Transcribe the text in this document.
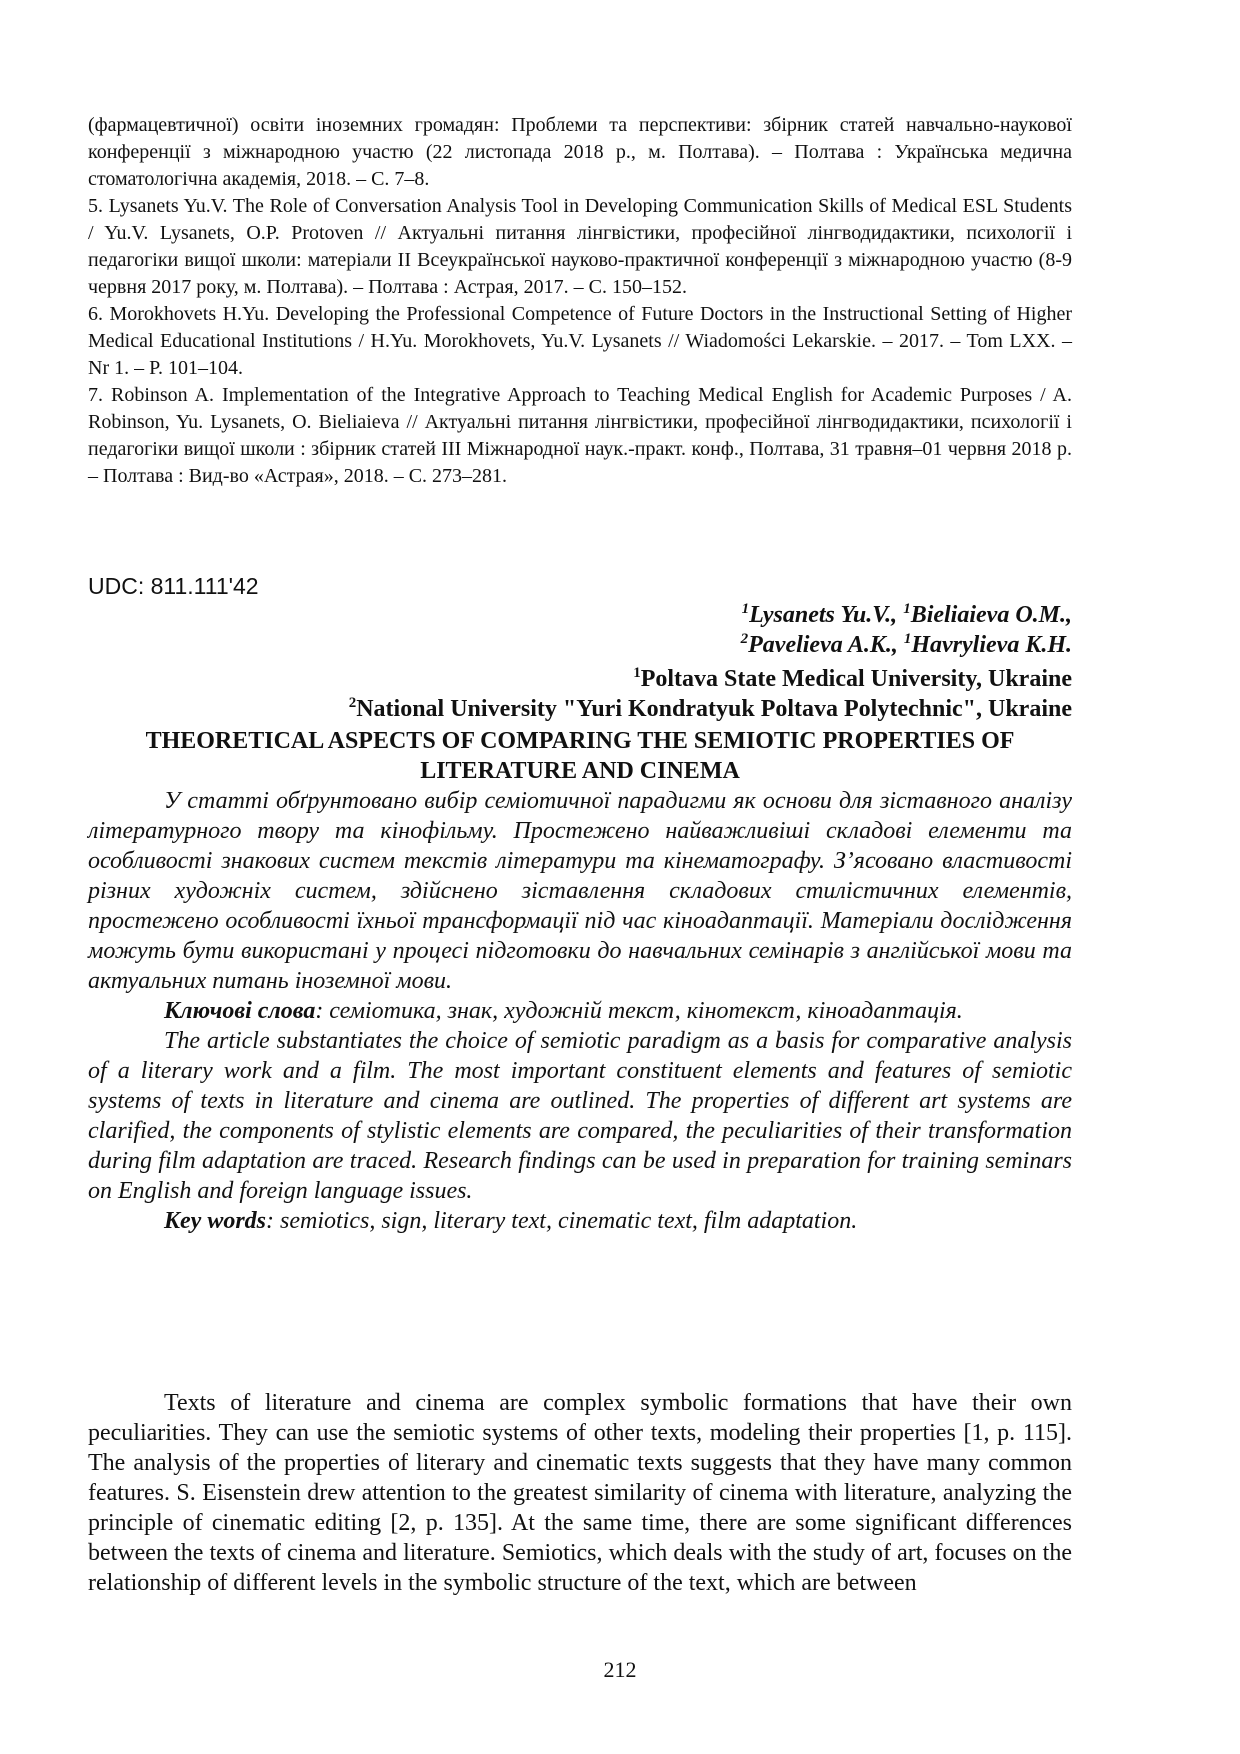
(фармацевтичної) освіти іноземних громадян: Проблеми та перспективи: збірник статей навчально-наукової конференції з міжнародною участю (22 листопада 2018 р., м. Полтава). – Полтава : Українська медична стоматологічна академія, 2018. – С. 7–8.

5. Lysanets Yu.V. The Role of Conversation Analysis Tool in Developing Communication Skills of Medical ESL Students / Yu.V. Lysanets, O.P. Protoven // Актуальні питання лінгвістики, професійної лінгводидактики, психології і педагогіки вищої школи: матеріали II Всеукраїнської науково-практичної конференції з міжнародною участю (8-9 червня 2017 року, м. Полтава). – Полтава : Астрая, 2017. – С. 150–152.

6. Morokhovets H.Yu. Developing the Professional Competence of Future Doctors in the Instructional Setting of Higher Medical Educational Institutions / H.Yu. Morokhovets, Yu.V. Lysanets // Wiadomości Lekarskie. – 2017. – Tom LXX. – Nr 1. – P. 101–104.

7. Robinson A. Implementation of the Integrative Approach to Teaching Medical English for Academic Purposes / A. Robinson, Yu. Lysanets, O. Bieliaieva // Актуальні питання лінгвістики, професійної лінгводидактики, психології і педагогіки вищої школи : збірник статей III Міжнародної наук.-практ. конф., Полтава, 31 травня–01 червня 2018 р. – Полтава : Вид-во «Астрая», 2018. – С. 273–281.

UDC: 811.111'42
$^1$Lysanets Yu.V., $^1$Bieliaieva O.M.,
$^2$Pavelieva A.K., $^1$Havrylieva K.H.
$^1$Poltava State Medical University, Ukraine
$^2$National University "Yuri Kondratyuk Poltava Polytechnic", Ukraine
THEORETICAL ASPECTS OF COMPARING THE SEMIOTIC PROPERTIES OF LITERATURE AND CINEMA

У статті обґрунтовано вибір семіотичної парадигми як основи для зіставного аналізу літературного твору та кінофільму. Простежено найважливіші складові елементи та особливості знакових систем текстів літератури та кінематографу. З’ясовано властивості різних художніх систем, здійснено зіставлення складових стилістичних елементів, простежено особливості їхньої трансформації під час кіноадаптації. Матеріали дослідження можуть бути використані у процесі підготовки до навчальних семінарів з англійської мови та актуальних питань іноземної мови.

Ключові слова: семіотика, знак, художній текст, кінотекст, кіноадаптація.

The article substantiates the choice of semiotic paradigm as a basis for comparative analysis of a literary work and a film. The most important constituent elements and features of semiotic systems of texts in literature and cinema are outlined. The properties of different art systems are clarified, the components of stylistic elements are compared, the peculiarities of their transformation during film adaptation are traced. Research findings can be used in preparation for training seminars on English and foreign language issues.

Key words: semiotics, sign, literary text, cinematic text, film adaptation.

Texts of literature and cinema are complex symbolic formations that have their own peculiarities. They can use the semiotic systems of other texts, modeling their properties [1, p. 115]. The analysis of the properties of literary and cinematic texts suggests that they have many common features. S. Eisenstein drew attention to the greatest similarity of cinema with literature, analyzing the principle of cinematic editing [2, p. 135]. At the same time, there are some significant differences between the texts of cinema and literature. Semiotics, which deals with the study of art, focuses on the relationship of different levels in the symbolic structure of the text, which are between

212
